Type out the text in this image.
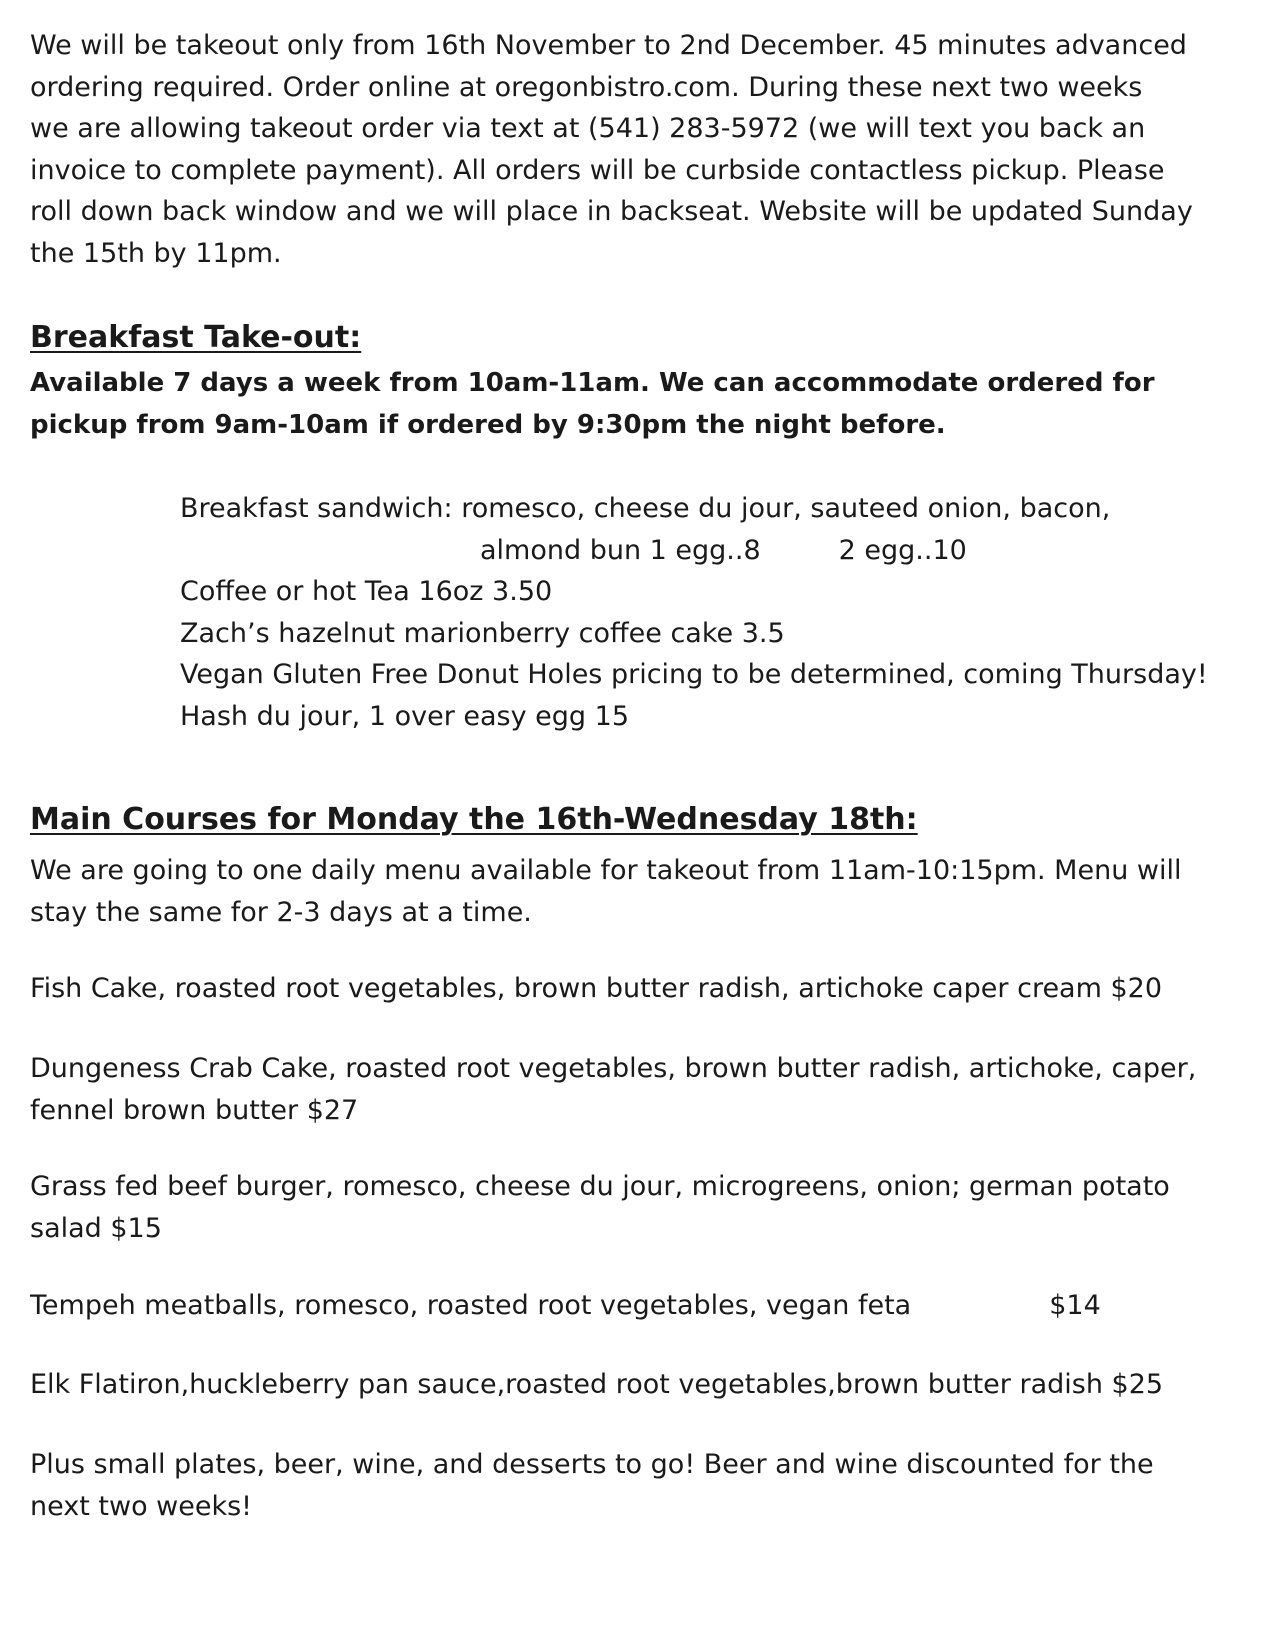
We will be takeout only from 16th November to 2nd December. 45 minutes advanced
ordering required. Order online at oregonbistro.com. During these next two weeks
we are allowing takeout order via text at (541) 283-5972 (we will text you back an
invoice to complete payment). All orders will be curbside contactless pickup. Please
roll down back window and we will place in backseat. Website will be updated Sunday
the 15th by 11pm.
Breakfast Take-out:
Available 7 days a week from 10am-11am. We can accommodate ordered for
pickup from 9am-10am if ordered by 9:30pm the night before.
Breakfast sandwich: romesco, cheese du jour, sauteed onion, bacon,
almond bun 1 egg..8	2 egg..10
Coffee or hot Tea 16oz 3.50
Zach’s hazelnut marionberry coffee cake 3.5
Vegan Gluten Free Donut Holes pricing to be determined, coming Thursday!
Hash du jour, 1 over easy egg 15
Main Courses for Monday the 16th-Wednesday 18th:
We are going to one daily menu available for takeout from 11am-10:15pm. Menu will
stay the same for 2-3 days at a time.
Fish Cake, roasted root vegetables, brown butter radish, artichoke caper cream $20
Dungeness Crab Cake, roasted root vegetables, brown butter radish, artichoke, caper,
fennel brown butter $27
Grass fed beef burger, romesco, cheese du jour, microgreens, onion; german potato
salad $15
Tempeh meatballs, romesco, roasted root vegetables, vegan feta	$14
Elk Flatiron,huckleberry pan sauce,roasted root vegetables,brown butter radish $25
Plus small plates, beer, wine, and desserts to go! Beer and wine discounted for the
next two weeks!
